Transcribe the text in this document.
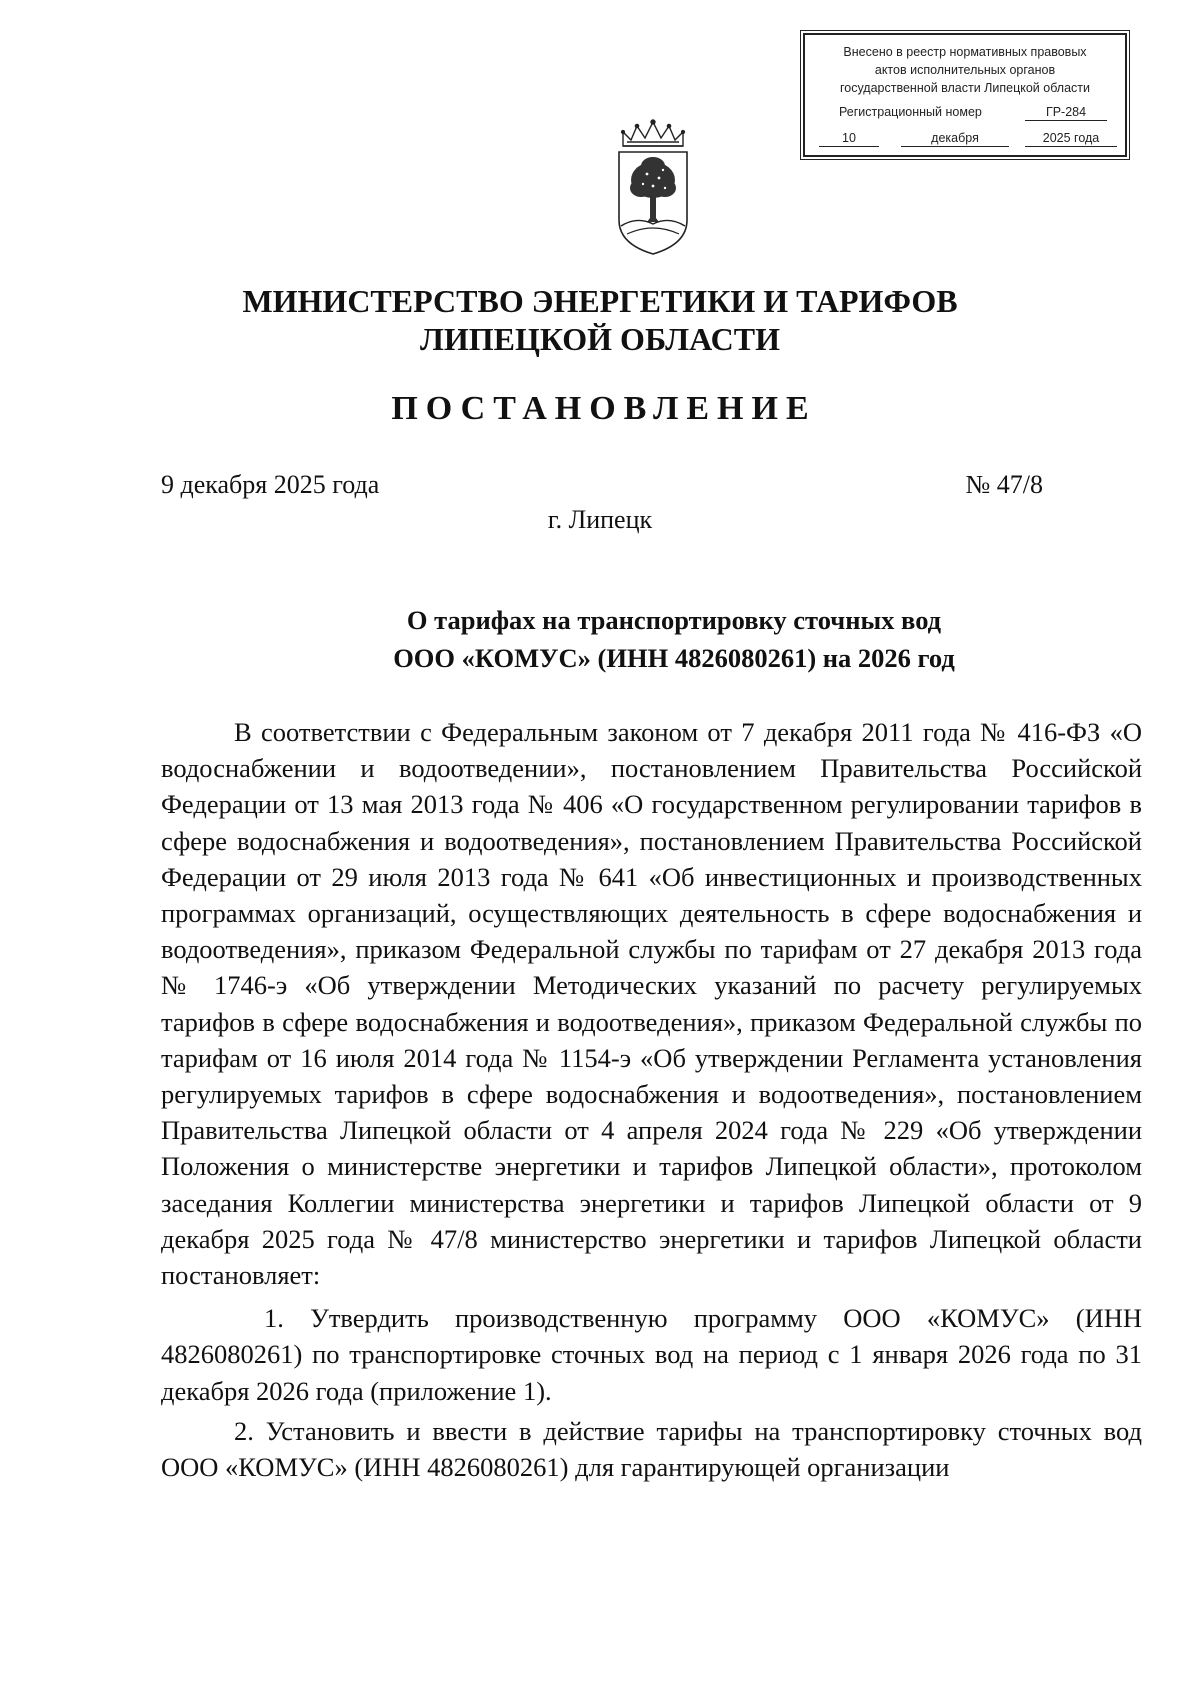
Внесено в реестр нормативных правовых
актов исполнительных органов
государственной власти Липецкой области
Регистрационный номер	ГР-284
10	декабря	2025 года
МИНИСТЕРСТВО ЭНЕРГЕТИКИ И ТАРИФОВ
ЛИПЕЦКОЙ ОБЛАСТИ
ПОСТАНОВЛЕНИЕ
9 декабря 2025 года	№ 47/8
г. Липецк
О тарифах на транспортировку сточных вод
ООО «КОМУС» (ИНН 4826080261) на 2026 год

В соответствии с Федеральным законом от 7 декабря 2011 года № 416-ФЗ «О водоснабжении и водоотведении», постановлением Правительства Российской Федерации от 13 мая 2013 года № 406 «О государственном регулировании тарифов в сфере водоснабжения и водоотведения», постановлением Правительства Российской Федерации от 29 июля 2013 года № 641 «Об инвестиционных и производственных программах организаций, осуществляющих деятельность в сфере водоснабжения и водоотведения», приказом Федеральной службы по тарифам от 27 декабря 2013 года № 1746-э «Об утверждении Методических указаний по расчету регулируемых тарифов в сфере водоснабжения и водоотведения», приказом Федеральной службы по тарифам от 16 июля 2014 года № 1154-э «Об утверждении Регламента установления регулируемых тарифов в сфере водоснабжения и водоотведения», постановлением Правительства Липецкой области от 4 апреля 2024 года № 229 «Об утверждении Положения о министерстве энергетики и тарифов Липецкой области», протоколом заседания Коллегии министерства энергетики и тарифов Липецкой области от 9 декабря 2025 года № 47/8 министерство энергетики и тарифов Липецкой области постановляет:

1. Утвердить производственную программу ООО «КОМУС» (ИНН 4826080261) по транспортировке сточных вод на период с 1 января 2026 года по 31 декабря 2026 года (приложение 1).

2. Установить и ввести в действие тарифы на транспортировку сточных вод ООО «КОМУС» (ИНН 4826080261) для гарантирующей организации
